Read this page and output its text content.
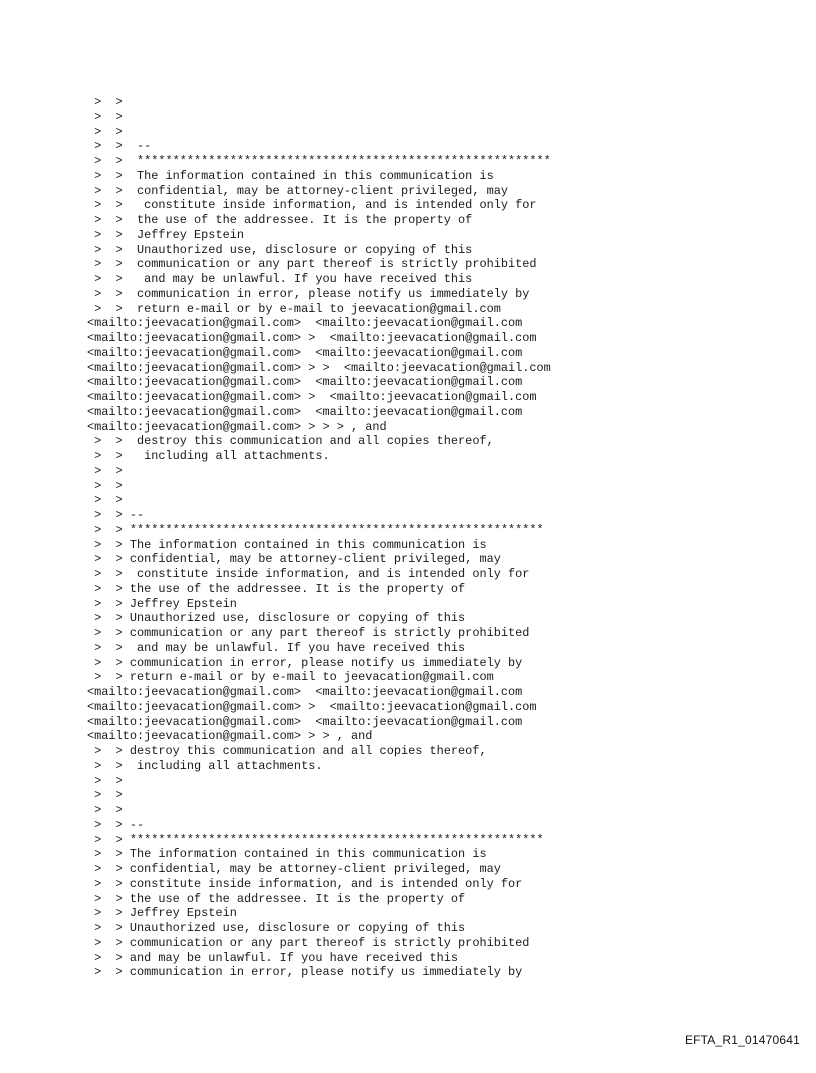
>  >
>  >
>  >
>  >  --
>  >  **********************************************************
>  >  The information contained in this communication is
>  >  confidential, may be attorney-client privileged, may
>  >   constitute inside information, and is intended only for
>  >  the use of the addressee. It is the property of
>  >  Jeffrey Epstein
>  >  Unauthorized use, disclosure or copying of this
>  >  communication or any part thereof is strictly prohibited
>  >   and may be unlawful. If you have received this
>  >  communication in error, please notify us immediately by
>  >  return e-mail or by e-mail to jeevacation@gmail.com
<mailto:jeevacation@gmail.com>  <mailto:jeevacation@gmail.com
<mailto:jeevacation@gmail.com> >  <mailto:jeevacation@gmail.com
<mailto:jeevacation@gmail.com>  <mailto:jeevacation@gmail.com
<mailto:jeevacation@gmail.com> > >  <mailto:jeevacation@gmail.com
<mailto:jeevacation@gmail.com>  <mailto:jeevacation@gmail.com
<mailto:jeevacation@gmail.com> >  <mailto:jeevacation@gmail.com
<mailto:jeevacation@gmail.com>  <mailto:jeevacation@gmail.com
<mailto:jeevacation@gmail.com> > > > , and
>  >  destroy this communication and all copies thereof,
>  >   including all attachments.
>  >
>  >
>  >
>  > --
>  > **********************************************************
>  > The information contained in this communication is
>  > confidential, may be attorney-client privileged, may
>  >  constitute inside information, and is intended only for
>  > the use of the addressee. It is the property of
>  > Jeffrey Epstein
>  > Unauthorized use, disclosure or copying of this
>  > communication or any part thereof is strictly prohibited
>  >  and may be unlawful. If you have received this
>  > communication in error, please notify us immediately by
>  > return e-mail or by e-mail to jeevacation@gmail.com
<mailto:jeevacation@gmail.com>  <mailto:jeevacation@gmail.com
<mailto:jeevacation@gmail.com> >  <mailto:jeevacation@gmail.com
<mailto:jeevacation@gmail.com>  <mailto:jeevacation@gmail.com
<mailto:jeevacation@gmail.com> > > , and
>  > destroy this communication and all copies thereof,
>  >  including all attachments.
>  >
>  >
>  >
>  > --
>  > **********************************************************
>  > The information contained in this communication is
>  > confidential, may be attorney-client privileged, may
>  > constitute inside information, and is intended only for
>  > the use of the addressee. It is the property of
>  > Jeffrey Epstein
>  > Unauthorized use, disclosure or copying of this
>  > communication or any part thereof is strictly prohibited
>  > and may be unlawful. If you have received this
>  > communication in error, please notify us immediately by
EFTA_R1_01470641
